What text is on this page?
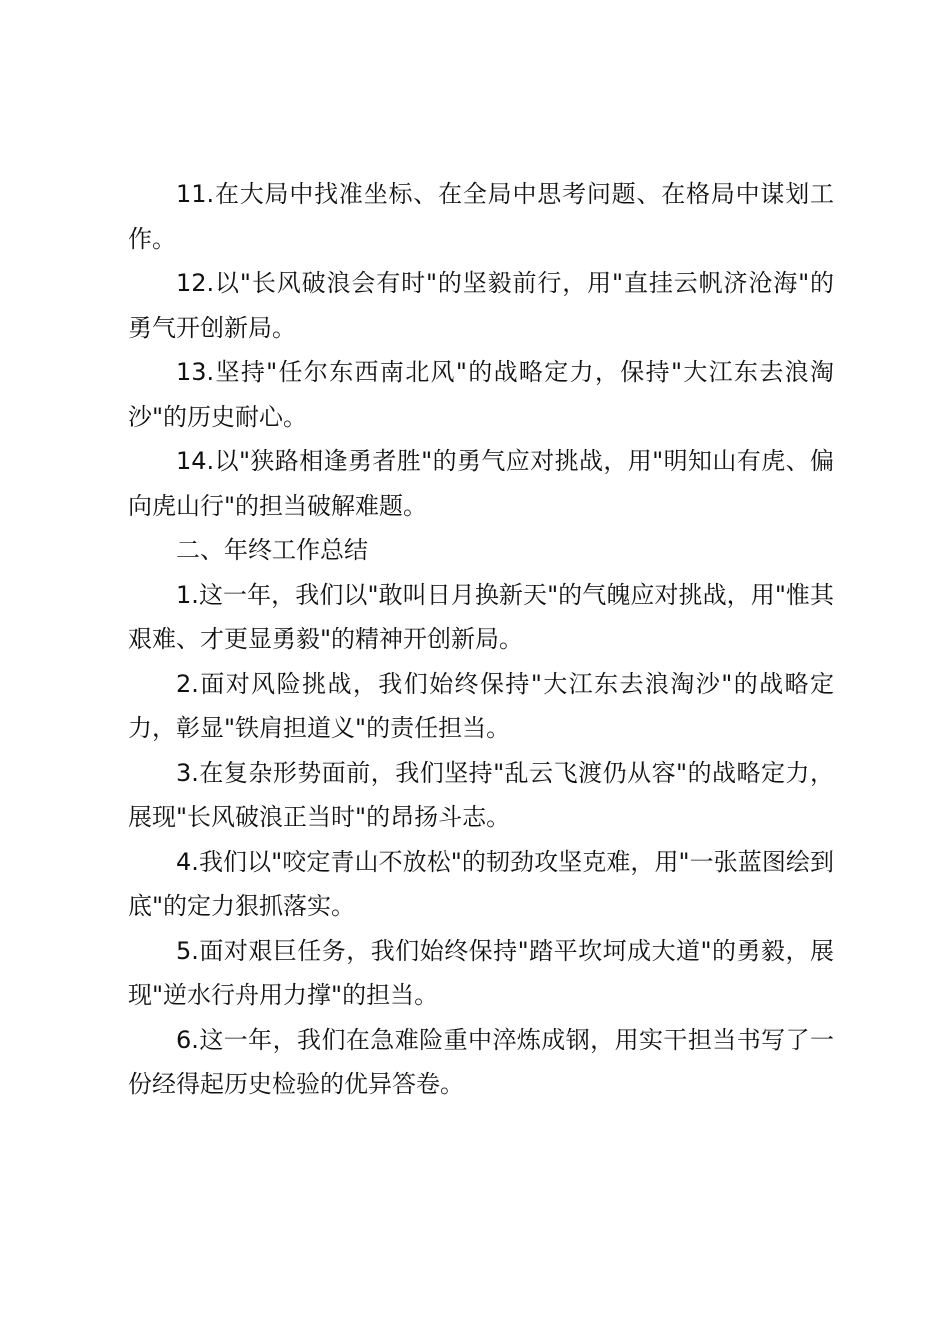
11.在大局中找准坐标、在全局中思考问题、在格局中谋划工作。

12.以"长风破浪会有时"的坚毅前行，用"直挂云帆济沧海"的勇气开创新局。

13.坚持"任尔东西南北风"的战略定力，保持"大江东去浪淘沙"的历史耐心。

14.以"狭路相逢勇者胜"的勇气应对挑战，用"明知山有虎、偏向虎山行"的担当破解难题。

二、年终工作总结

1.这一年，我们以"敢叫日月换新天"的气魄应对挑战，用"惟其艰难、才更显勇毅"的精神开创新局。

2.面对风险挑战，我们始终保持"大江东去浪淘沙"的战略定力，彰显"铁肩担道义"的责任担当。

3.在复杂形势面前，我们坚持"乱云飞渡仍从容"的战略定力，展现"长风破浪正当时"的昂扬斗志。

4.我们以"咬定青山不放松"的韧劲攻坚克难，用"一张蓝图绘到底"的定力狠抓落实。

5.面对艰巨任务，我们始终保持"踏平坎坷成大道"的勇毅，展现"逆水行舟用力撑"的担当。

6.这一年，我们在急难险重中淬炼成钢，用实干担当书写了一份经得起历史检验的优异答卷。
